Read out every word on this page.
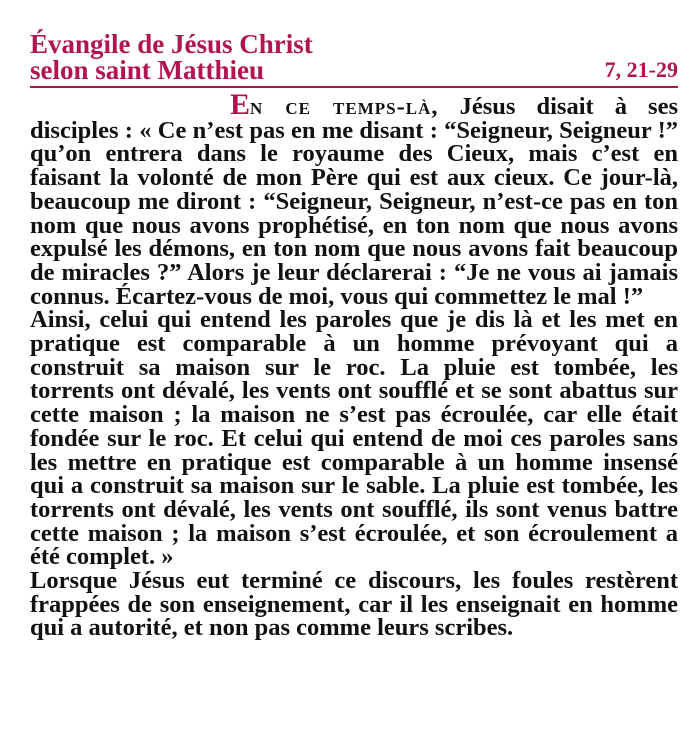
Évangile de Jésus Christ
selon saint Matthieu	7, 21-29

En ce temps-là, Jésus disait à ses disciples : « Ce n’est pas en me disant : “Seigneur, Seigneur !” qu’on entrera dans le royaume des Cieux, mais c’est en faisant la volonté de mon Père qui est aux cieux. Ce jour-là, beaucoup me diront : “Seigneur, Seigneur, n’est-ce pas en ton nom que nous avons prophétisé, en ton nom que nous avons expulsé les démons, en ton nom que nous avons fait beaucoup de miracles ?” Alors je leur déclarerai : “Je ne vous ai jamais connus. Écartez-vous de moi, vous qui commettez le mal !”

Ainsi, celui qui entend les paroles que je dis là et les met en pratique est comparable à un homme prévoyant qui a construit sa maison sur le roc. La pluie est tombée, les torrents ont dévalé, les vents ont soufflé et se sont abattus sur cette maison ; la maison ne s’est pas écroulée, car elle était fondée sur le roc. Et celui qui entend de moi ces paroles sans les mettre en pratique est comparable à un homme insensé qui a construit sa maison sur le sable. La pluie est tombée, les torrents ont dévalé, les vents ont soufflé, ils sont venus battre cette maison ; la maison s’est écroulée, et son écroulement a été complet. »

Lorsque Jésus eut terminé ce discours, les foules restèrent frappées de son enseignement, car il les enseignait en homme qui a autorité, et non pas comme leurs scribes.
